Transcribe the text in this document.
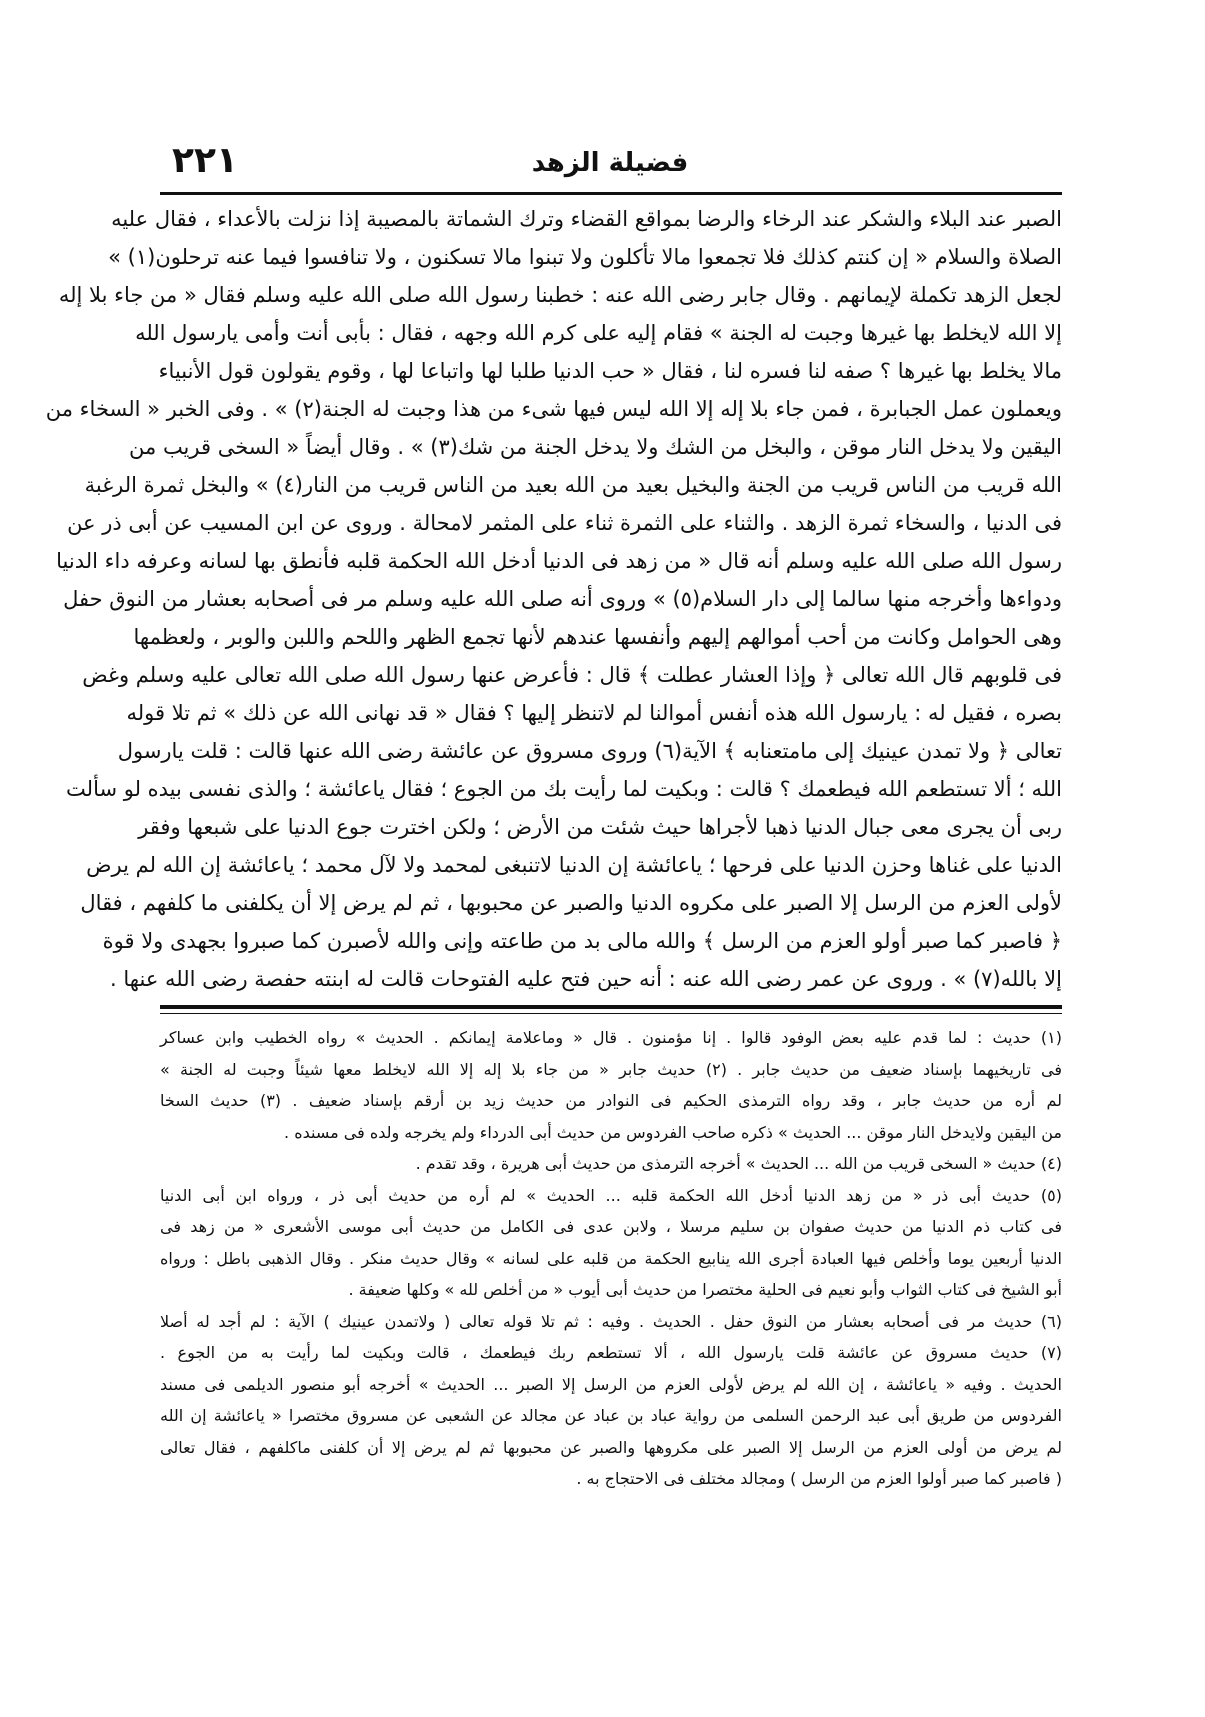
٢٢١	فضيلة الزهد
الصبر عند البلاء والشكر عند الرخاء والرضا بمواقع القضاء وترك الشماتة بالمصيبة إذا نزلت بالأعداء ، فقال عليه
الصلاة والسلام « إن كنتم كذلك فلا تجمعوا مالا تأكلون ولا تبنوا مالا تسكنون ، ولا تنافسوا فيما عنه ترحلون(١) »
لجعل الزهد تكملة لإيمانهم . وقال جابر رضى الله عنه : خطبنا رسول الله صلى الله عليه وسلم فقال « من جاء بلا إله
إلا الله لايخلط بها غيرها وجبت له الجنة » فقام إليه على كرم الله وجهه ، فقال : بأبى أنت وأمى يارسول الله
مالا يخلط بها غيرها ؟ صفه لنا فسره لنا ، فقال « حب الدنيا طلبا لها واتباعا لها ، وقوم يقولون قول الأنبياء
ويعملون عمل الجبابرة ، فمن جاء بلا إله إلا الله ليس فيها شىء من هذا وجبت له الجنة(٢) » . وفى الخبر « السخاء من
اليقين ولا يدخل النار موقن ، والبخل من الشك ولا يدخل الجنة من شك(٣) » . وقال أيضاً « السخى قريب من
الله قريب من الناس قريب من الجنة والبخيل بعيد من الله بعيد من الناس قريب من النار(٤) » والبخل ثمرة الرغبة
فى الدنيا ، والسخاء ثمرة الزهد . والثناء على الثمرة ثناء على المثمر لامحالة . وروى عن ابن المسيب عن أبى ذر عن
رسول الله صلى الله عليه وسلم أنه قال « من زهد فى الدنيا أدخل الله الحكمة قلبه فأنطق بها لسانه وعرفه داء الدنيا
ودواءها وأخرجه منها سالما إلى دار السلام(٥) » وروى أنه صلى الله عليه وسلم مر فى أصحابه بعشار من النوق حفل
وهى الحوامل وكانت من أحب أموالهم إليهم وأنفسها عندهم لأنها تجمع الظهر واللحم واللبن والوبر ، ولعظمها
فى قلوبهم قال الله تعالى ﴿ وإذا العشار عطلت ﴾ قال : فأعرض عنها رسول الله صلى الله تعالى عليه وسلم وغض
بصره ، فقيل له : يارسول الله هذه أنفس أموالنا لم لاتنظر إليها ؟ فقال « قد نهانى الله عن ذلك » ثم تلا قوله
تعالى ﴿ ولا تمدن عينيك إلى مامتعنابه ﴾ الآية(٦) وروى مسروق عن عائشة رضى الله عنها قالت : قلت يارسول
الله ؛ ألا تستطعم الله فيطعمك ؟ قالت : وبكيت لما رأيت بك من الجوع ؛ فقال ياعائشة ؛ والذى نفسى بيده لو سألت
ربى أن يجرى معى جبال الدنيا ذهبا لأجراها حيث شئت من الأرض ؛ ولكن اخترت جوع الدنيا على شبعها وفقر
الدنيا على غناها وحزن الدنيا على فرحها ؛ ياعائشة إن الدنيا لاتنبغى لمحمد ولا لآل محمد ؛ ياعائشة إن الله لم يرض
لأولى العزم من الرسل إلا الصبر على مكروه الدنيا والصبر عن محبوبها ، ثم لم يرض إلا أن يكلفنى ما كلفهم ، فقال
﴿ فاصبر كما صبر أولو العزم من الرسل ﴾ والله مالى بد من طاعته وإنى والله لأصبرن كما صبروا بجهدى ولا قوة
إلا بالله(٧) » . وروى عن عمر رضى الله عنه : أنه حين فتح عليه الفتوحات قالت له ابنته حفصة رضى الله عنها .
(١) حديث : لما قدم عليه بعض الوفود قالوا . إنا مؤمنون . قال « وماعلامة إيمانكم . الحديث » رواه الخطيب وابن عساكر
فى تاريخيهما بإسناد ضعيف من حديث جابر . (٢) حديث جابر « من جاء بلا إله إلا الله لايخلط معها شيئاً وجبت له الجنة »
لم أره من حديث جابر ، وقد رواه الترمذى الحكيم فى النوادر من حديث زيد بن أرقم بإسناد ضعيف . (٣) حديث السخا
من اليقين ولايدخل النار موقن ... الحديث » ذكره صاحب الفردوس من حديث أبى الدرداء ولم يخرجه ولده فى مسنده .
(٤) حديث « السخى قريب من الله ... الحديث » أخرجه الترمذى من حديث أبى هريرة ، وقد تقدم .
(٥) حديث أبى ذر « من زهد الدنيا أدخل الله الحكمة قلبه ... الحديث » لم أره من حديث أبى ذر ، ورواه ابن أبى الدنيا
فى كتاب ذم الدنيا من حديث صفوان بن سليم مرسلا ، ولابن عدى فى الكامل من حديث أبى موسى الأشعرى « من زهد فى
الدنيا أربعين يوما وأخلص فيها العبادة أجرى الله ينابيع الحكمة من قلبه على لسانه » وقال حديث منكر . وقال الذهبى باطل : ورواه
أبو الشيخ فى كتاب الثواب وأبو نعيم فى الحلية مختصرا من حديث أبى أيوب « من أخلص لله » وكلها ضعيفة .
(٦) حديث مر فى أصحابه بعشار من النوق حفل . الحديث . وفيه : ثم تلا قوله تعالى ( ولاتمدن عينيك ) الآية : لم أجد له أصلا
(٧) حديث مسروق عن عائشة قلت يارسول الله ، ألا تستطعم ربك فيطعمك ، قالت وبكيت لما رأيت به من الجوع .
الحديث . وفيه « ياعائشة ، إن الله لم يرض لأولى العزم من الرسل إلا الصبر ... الحديث » أخرجه أبو منصور الديلمى فى مسند
الفردوس من طريق أبى عبد الرحمن السلمى من رواية عباد بن عباد عن مجالد عن الشعبى عن مسروق مختصرا « ياعائشة إن الله
لم يرض من أولى العزم من الرسل إلا الصبر على مكروهها والصبر عن محبوبها ثم لم يرض إلا أن كلفنى ماكلفهم ، فقال تعالى
( فاصبر كما صبر أولوا العزم من الرسل ) ومجالد مختلف فى الاحتجاج به .
